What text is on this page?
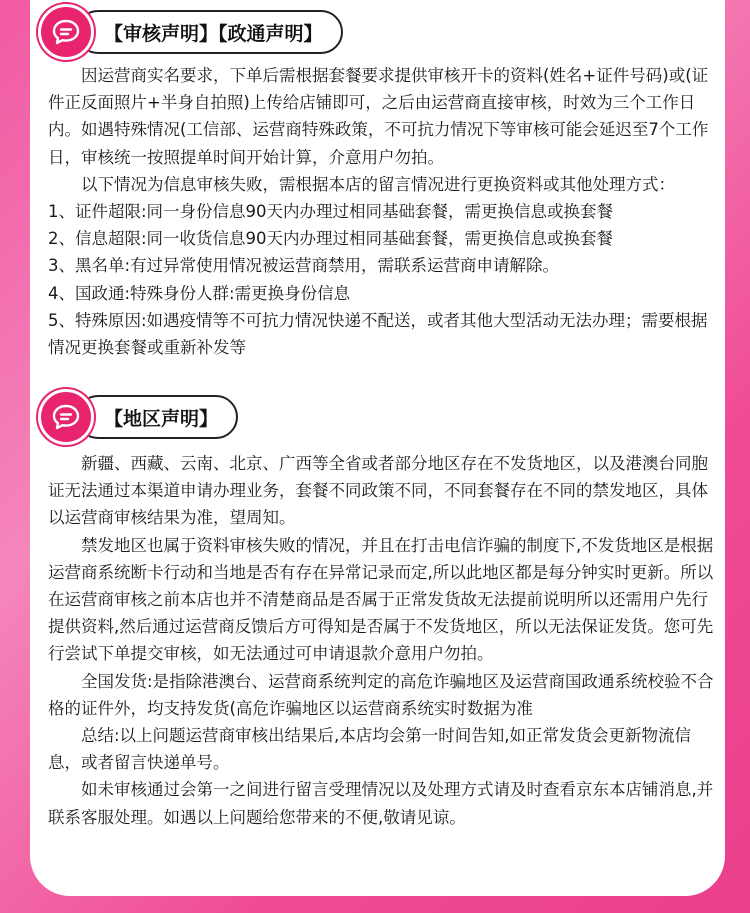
【审核声明】【政通声明】

因运营商实名要求，下单后需根据套餐要求提供审核开卡的资料(姓名+证件号码)或(证件正反面照片+半身自拍照)上传给店铺即可，之后由运营商直接审核，时效为三个工作日内。如遇特殊情况(工信部、运营商特殊政策，不可抗力情况下等审核可能会延迟至7个工作日，审核统一按照提单时间开始计算，介意用户勿拍。

以下情况为信息审核失败，需根据本店的留言情况进行更换资料或其他处理方式：

1、证件超限:同一身份信息90天内办理过相同基础套餐，需更换信息或换套餐

2、信息超限:同一收货信息90天内办理过相同基础套餐，需更换信息或换套餐

3、黑名单:有过异常使用情况被运营商禁用，需联系运营商申请解除。

4、国政通:特殊身份人群:需更换身份信息

5、特殊原因:如遇疫情等不可抗力情况快递不配送，或者其他大型活动无法办理；需要根据情况更换套餐或重新补发等

【地区声明】

新疆、西藏、云南、北京、广西等全省或者部分地区存在不发货地区，以及港澳台同胞证无法通过本渠道申请办理业务，套餐不同政策不同，不同套餐存在不同的禁发地区，具体以运营商审核结果为准，望周知。

禁发地区也属于资料审核失败的情况，并且在打击电信诈骗的制度下,不发货地区是根据运营商系统断卡行动和当地是否有存在异常记录而定,所以此地区都是每分钟实时更新。所以在运营商审核之前本店也并不清楚商品是否属于正常发货故无法提前说明所以还需用户先行提供资料,然后通过运营商反馈后方可得知是否属于不发货地区，所以无法保证发货。您可先行尝试下单提交审核，如无法通过可申请退款介意用户勿拍。

全国发货:是指除港澳台、运营商系统判定的高危诈骗地区及运营商国政通系统校验不合格的证件外，均支持发货(高危诈骗地区以运营商系统实时数据为准

总结:以上问题运营商审核出结果后,本店均会第一时间告知,如正常发货会更新物流信息，或者留言快递单号。

如未审核通过会第一之间进行留言受理情况以及处理方式请及时查看京东本店铺消息,并联系客服处理。如遇以上问题给您带来的不便,敬请见谅。
